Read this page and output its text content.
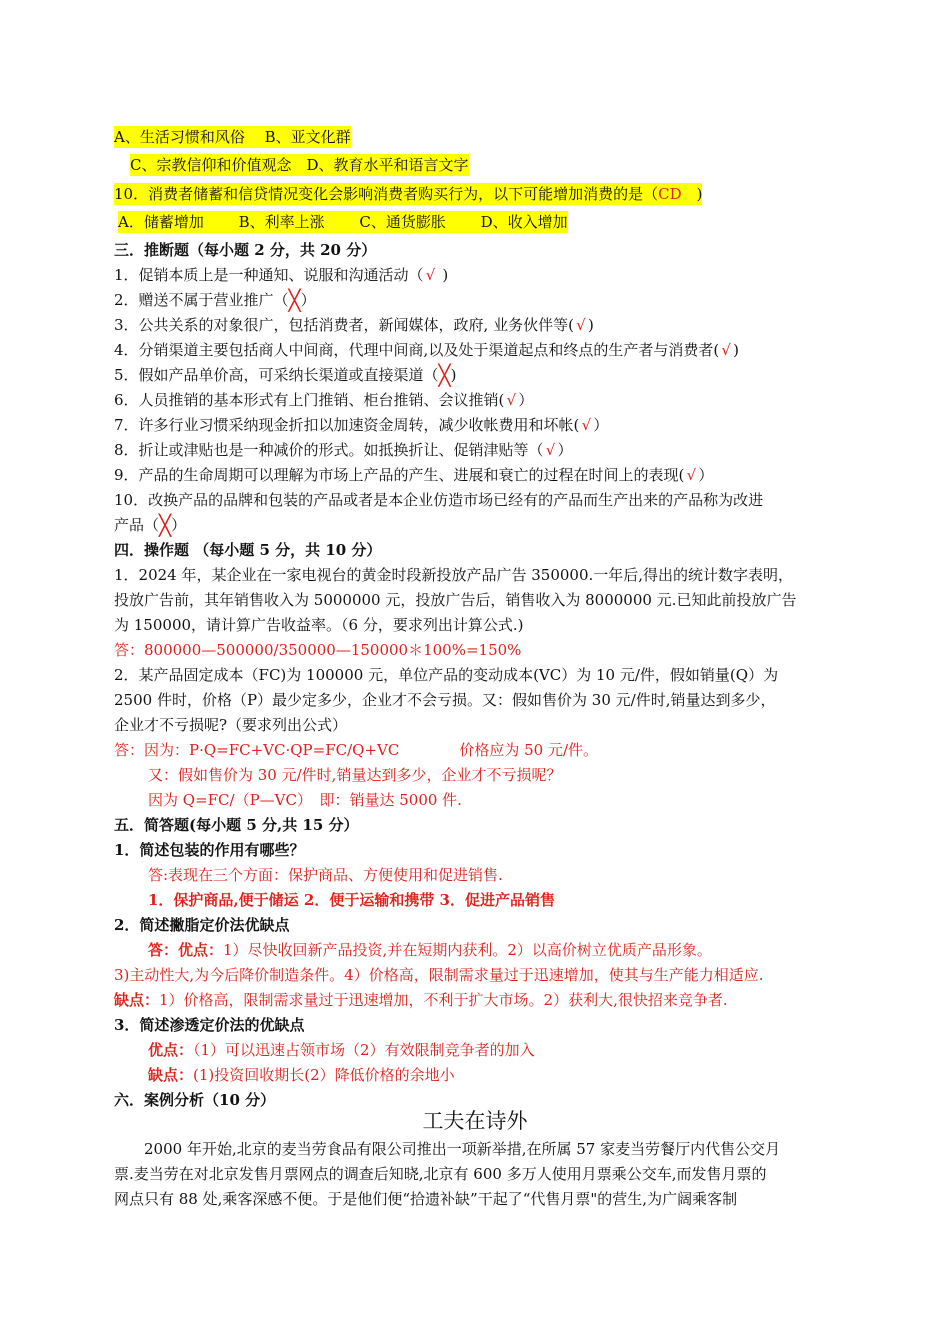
A、生活习惯和风俗　 B、亚文化群
C、宗教信仰和价值观念　D、教育水平和语言文字
10．消费者储蓄和信贷情况变化会影响消费者购买行为，以下可能增加消费的是（CD　)
A．储蓄增加　　 B、利率上涨　　 C、通货膨胀　　 D、收入增加
三．推断题（每小题 2 分，共 20 分）
1．促销本质上是一种通知、说服和沟通活动（ √ )
2．赠送不属于营业推广（╳）
3．公共关系的对象很广，包括消费者，新闻媒体，政府, 业务伙伴等( √ )
4．分销渠道主要包括商人中间商，代理中间商,以及处于渠道起点和终点的生产者与消费者( √ )
5．假如产品单价高，可采纳长渠道或直接渠道（╳)
6．人员推销的基本形式有上门推销、柜台推销、会议推销( √ ）
7．许多行业习惯采纳现金折扣以加速资金周转，减少收帐费用和坏帐( √ ）
8．折让或津贴也是一种减价的形式。如抵换折让、促销津贴等（ √ ）
9．产品的生命周期可以理解为市场上产品的产生、进展和衰亡的过程在时间上的表现( √ ）
10．改换产品的品牌和包装的产品或者是本企业仿造市场已经有的产品而生产出来的产品称为改进
产品（╳）
四．操作题 （每小题 5 分，共 10 分）
1．2024 年，某企业在一家电视台的黄金时段新投放产品广告 350000.一年后,得出的统计数字表明，
投放广告前，其年销售收入为 5000000 元，投放广告后，销售收入为 8000000 元.已知此前投放广告
为 150000，请计算广告收益率。（6 分，要求列出计算公式.)
答：800000—500000/350000—150000＊100%=150%
2．某产品固定成本（FC)为 100000 元，单位产品的变动成本(VC）为 10 元/件，假如销量(Q）为
2500 件时，价格（P）最少定多少，企业才不会亏损。又：假如售价为 30 元/件时,销量达到多少，
企业才不亏损呢?（要求列出公式）
答：因为：P·Q=FC+VC·QP=FC/Q+VC	价格应为 50 元/件。
又：假如售价为 30 元/件时,销量达到多少，企业才不亏损呢？
因为 Q=FC/（P—VC）　即：销量达 5000 件.
五．简答题(每小题 5 分,共 15 分）
1．简述包装的作用有哪些？
答:表现在三个方面：保护商品、方便使用和促进销售.
1．保护商品,便于储运 2．便于运输和携带 3．促进产品销售
2．简述撇脂定价法优缺点
答：优点：1）尽快收回新产品投资,并在短期内获利。2）以高价树立优质产品形象。
3)主动性大,为今后降价制造条件。4）价格高，限制需求量过于迅速增加，使其与生产能力相适应.
缺点：1）价格高，限制需求量过于迅速增加，不利于扩大市场。2）获利大,很快招来竞争者.
3．简述渗透定价法的优缺点
优点：（1）可以迅速占领市场（2）有效限制竞争者的加入
缺点：(1)投资回收期长(2）降低价格的余地小
六．案例分析（10 分）
工夫在诗外
　　2000 年开始,北京的麦当劳食品有限公司推出一项新举措,在所属 57 家麦当劳餐厅内代售公交月
票.麦当劳在对北京发售月票网点的调查后知晓,北京有 600 多万人使用月票乘公交车,而发售月票的
网点只有 88 处,乘客深感不便。于是他们便“拾遗补缺”干起了“代售月票"的营生,为广阔乘客制
